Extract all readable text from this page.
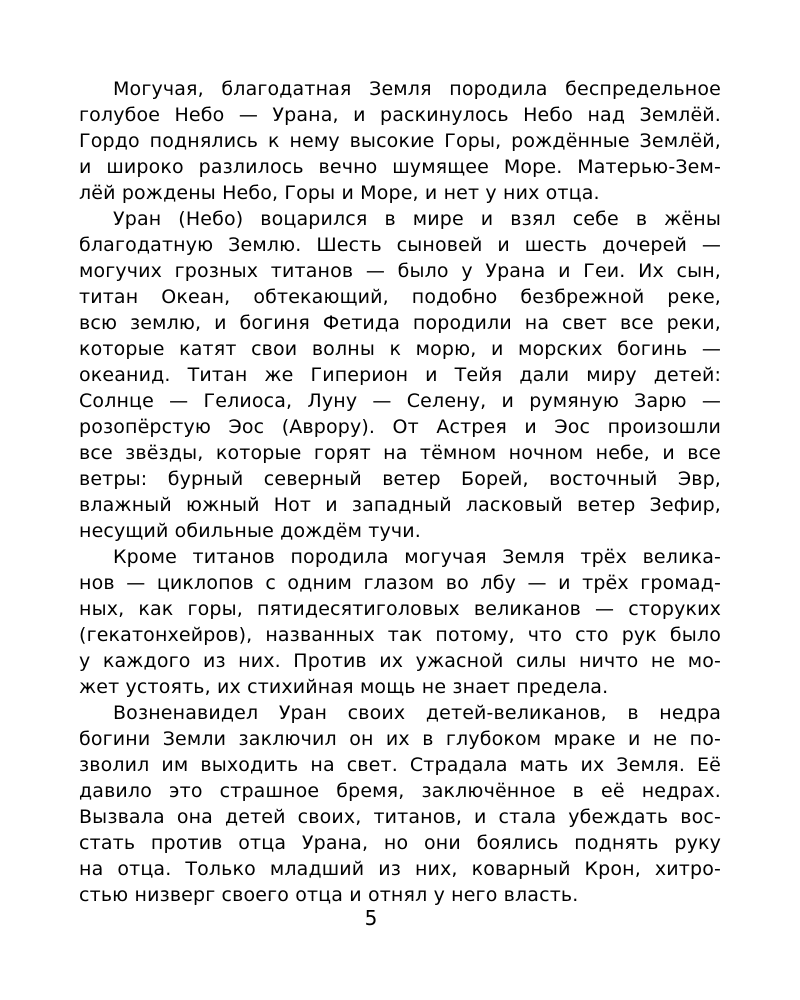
Могучая, благодатная Земля породила беспредельное
голубое Небо — Урана, и раскинулось Небо над Землёй.
Гордо поднялись к нему высокие Горы, рождённые Землёй,
и широко разлилось вечно шумящее Море. Матерью-Зем-
лёй рождены Небо, Горы и Море, и нет у них отца.
Уран (Небо) воцарился в мире и взял себе в жёны
благодатную Землю. Шесть сыновей и шесть дочерей —
могучих грозных титанов — было у Урана и Геи. Их сын,
титан Океан, обтекающий, подобно безбрежной реке,
всю землю, и богиня Фетида породили на свет все реки,
которые катят свои волны к морю, и морских богинь —
океанид. Титан же Гиперион и Тейя дали миру детей:
Солнце — Гелиоса, Луну — Селену, и румяную Зарю —
розопёрстую Эос (Аврору). От Астрея и Эос произошли
все звёзды, которые горят на тёмном ночном небе, и все
ветры: бурный северный ветер Борей, восточный Эвр,
влажный южный Нот и западный ласковый ветер Зефир,
несущий обильные дождём тучи.
Кроме титанов породила могучая Земля трёх велика-
нов — циклопов с одним глазом во лбу — и трёх громад-
ных, как горы, пятидесятиголовых великанов — сторуких
(гекатонхейров), названных так потому, что сто рук было
у каждого из них. Против их ужасной силы ничто не мо-
жет устоять, их стихийная мощь не знает предела.
Возненавидел Уран своих детей-великанов, в недра
богини Земли заключил он их в глубоком мраке и не по-
зволил им выходить на свет. Страдала мать их Земля. Её
давило это страшное бремя, заключённое в её недрах.
Вызвала она детей своих, титанов, и стала убеждать вос-
стать против отца Урана, но они боялись поднять руку
на отца. Только младший из них, коварный Крон, хитро-
стью низверг своего отца и отнял у него власть.
5
